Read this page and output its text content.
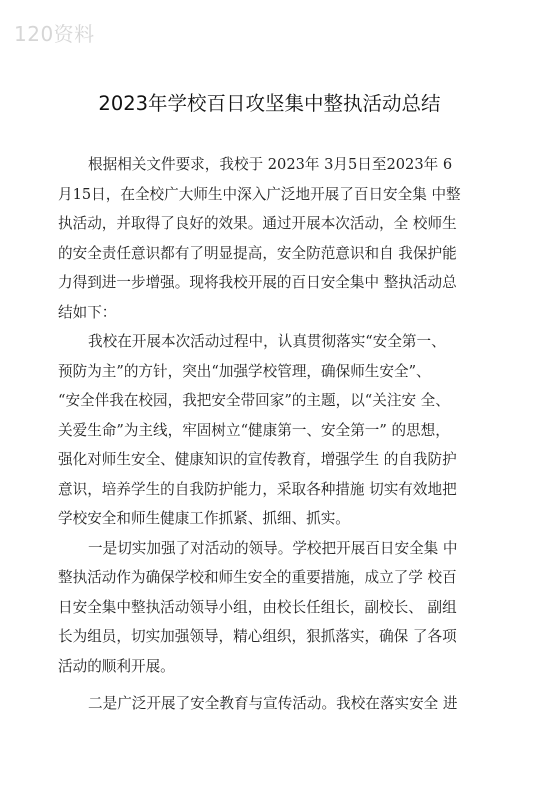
120资料
2023年学校百日攻坚集中整执活动总结
根据相关文件要求，我校于 2023年 3月5日至2023年 6
月15日，在全校广大师生中深入广泛地开展了百日安全集 中整
执活动，并取得了良好的效果。通过开展本次活动，全 校师生
的安全责任意识都有了明显提高，安全防范意识和自 我保护能
力得到进一步增强。现将我校开展的百日安全集中 整执活动总
结如下：
我校在开展本次活动过程中，认真贯彻落实“安全第一、
预防为主”的方针，突出“加强学校管理，确保师生安全”、
“安全伴我在校园，我把安全带回家”的主题，以“关注安 全、
关爱生命”为主线，牢固树立“健康第一、安全第一” 的思想，
强化对师生安全、健康知识的宣传教育，增强学生 的自我防护
意识，培养学生的自我防护能力，采取各种措施 切实有效地把
学校安全和师生健康工作抓紧、抓细、抓实。
一是切实加强了对活动的领导。学校把开展百日安全集 中
整执活动作为确保学校和师生安全的重要措施，成立了学 校百
日安全集中整执活动领导小组，由校长任组长，副校长、 副组
长为组员，切实加强领导，精心组织，狠抓落实，确保 了各项
活动的顺利开展。
二是广泛开展了安全教育与宣传活动。我校在落实安全 进
